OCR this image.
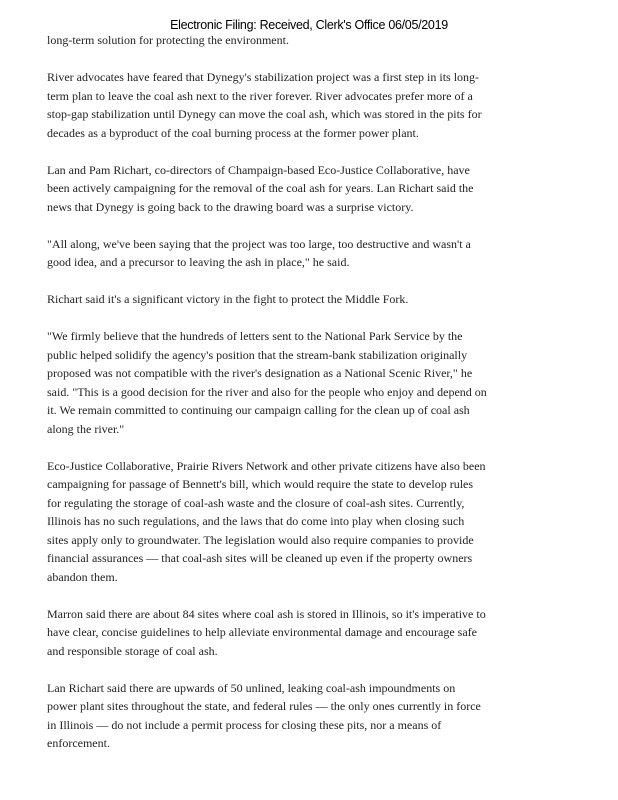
Electronic Filing: Received, Clerk's Office 06/05/2019

long-term solution for protecting the environment.

River advocates have feared that Dynegy's stabilization project was a first step in its long-term plan to leave the coal ash next to the river forever. River advocates prefer more of a stop-gap stabilization until Dynegy can move the coal ash, which was stored in the pits for decades as a byproduct of the coal burning process at the former power plant.

Lan and Pam Richart, co-directors of Champaign-based Eco-Justice Collaborative, have been actively campaigning for the removal of the coal ash for years. Lan Richart said the news that Dynegy is going back to the drawing board was a surprise victory.

"All along, we've been saying that the project was too large, too destructive and wasn't a good idea, and a precursor to leaving the ash in place," he said.

Richart said it's a significant victory in the fight to protect the Middle Fork.

"We firmly believe that the hundreds of letters sent to the National Park Service by the public helped solidify the agency's position that the stream-bank stabilization originally proposed was not compatible with the river's designation as a National Scenic River," he said. "This is a good decision for the river and also for the people who enjoy and depend on it. We remain committed to continuing our campaign calling for the clean up of coal ash along the river."

Eco-Justice Collaborative, Prairie Rivers Network and other private citizens have also been campaigning for passage of Bennett's bill, which would require the state to develop rules for regulating the storage of coal-ash waste and the closure of coal-ash sites. Currently, Illinois has no such regulations, and the laws that do come into play when closing such sites apply only to groundwater. The legislation would also require companies to provide financial assurances — that coal-ash sites will be cleaned up even if the property owners abandon them.

Marron said there are about 84 sites where coal ash is stored in Illinois, so it's imperative to have clear, concise guidelines to help alleviate environmental damage and encourage safe and responsible storage of coal ash.

Lan Richart said there are upwards of 50 unlined, leaking coal-ash impoundments on power plant sites throughout the state, and federal rules — the only ones currently in force in Illinois — do not include a permit process for closing these pits, nor a means of enforcement.
